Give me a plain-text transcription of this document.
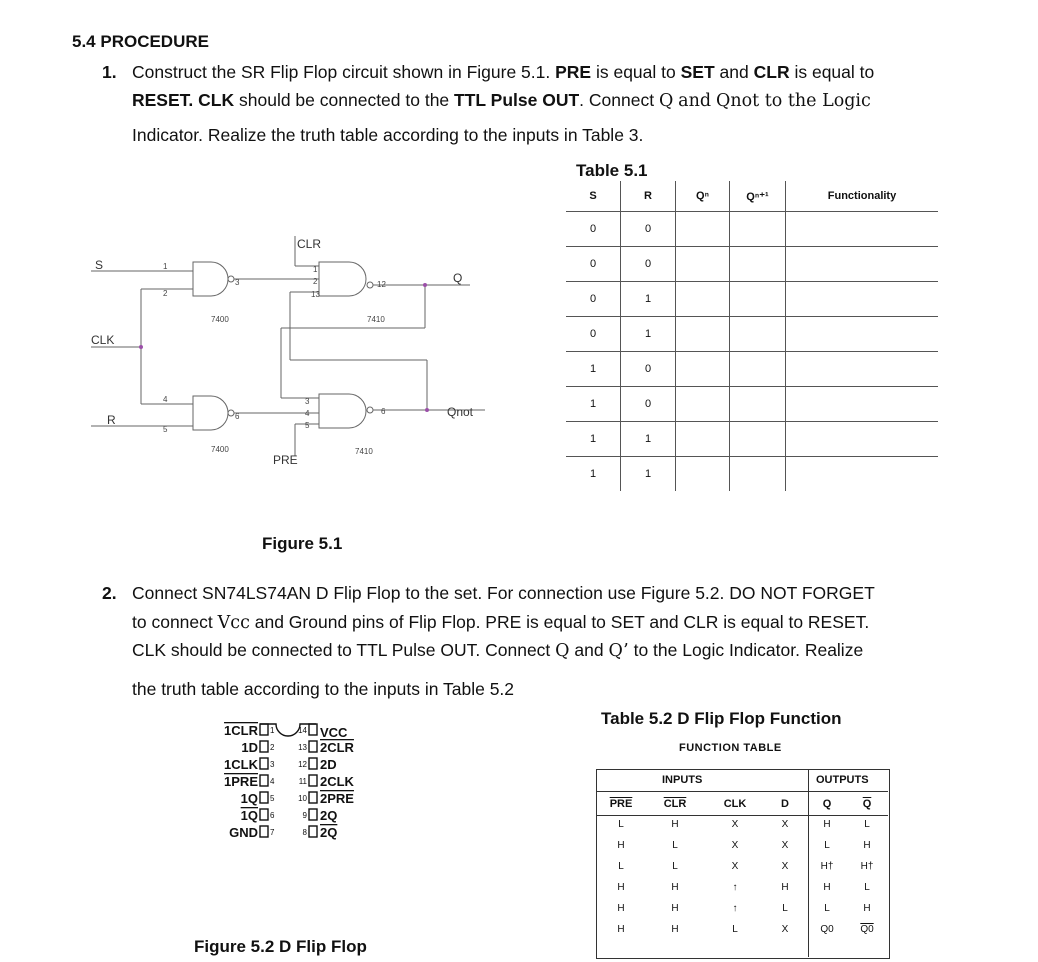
5.4 PROCEDURE
1. Construct the SR Flip Flop circuit shown in Figure 5.1. PRE is equal to SET and CLR is equal to
RESET. CLK should be connected to the TTL Pulse OUT. Connect Q and Qnot to the Logic
Indicator. Realize the truth table according to the inputs in Table 3.
S
CLK
R
CLR
PRE
Q
Qnot
7400	7410
7400	7410
1
2
3
4
5
6
1
2
13
12
3
4
5
6
Figure 5.1
Table 5.1
S	R	Qⁿ	Qⁿ⁺¹	Functionality
0	0			
0	0			
0	1			
0	1			
1	0			
1	0			
1	1			
1	1			
2. Connect SN74LS74AN D Flip Flop to the set. For connection use Figure 5.2. DO NOT FORGET
to connect Vcc and Ground pins of Flip Flop. PRE is equal to SET and CLR is equal to RESET.
CLK should be connected to TTL Pulse OUT. Connect Q and Q’ to the Logic Indicator. Realize
the truth table according to the inputs in Table 5.2
1CLR
1D
1CLK
1PRE
1Q
1Q
GND
1
2
3
4
5
6
7
14
13
12
11
10
9
8
VCC
2CLR
2D
2CLK
2PRE
2Q
2Q
Figure 5.2 D Flip Flop
Table 5.2 D Flip Flop Function
FUNCTION TABLE
INPUTS	OUTPUTS
$\overline{PRE}$	$\overline{CLR}$	CLK	D	Q	$\overline{Q}$
L	H	X	X	H	L
H	L	X	X	L	H
L	L	X	X	H†	H†
H	H	↑	H	H	L
H	H	↑	L	L	H
H	H	L	X	Q0	Q0
